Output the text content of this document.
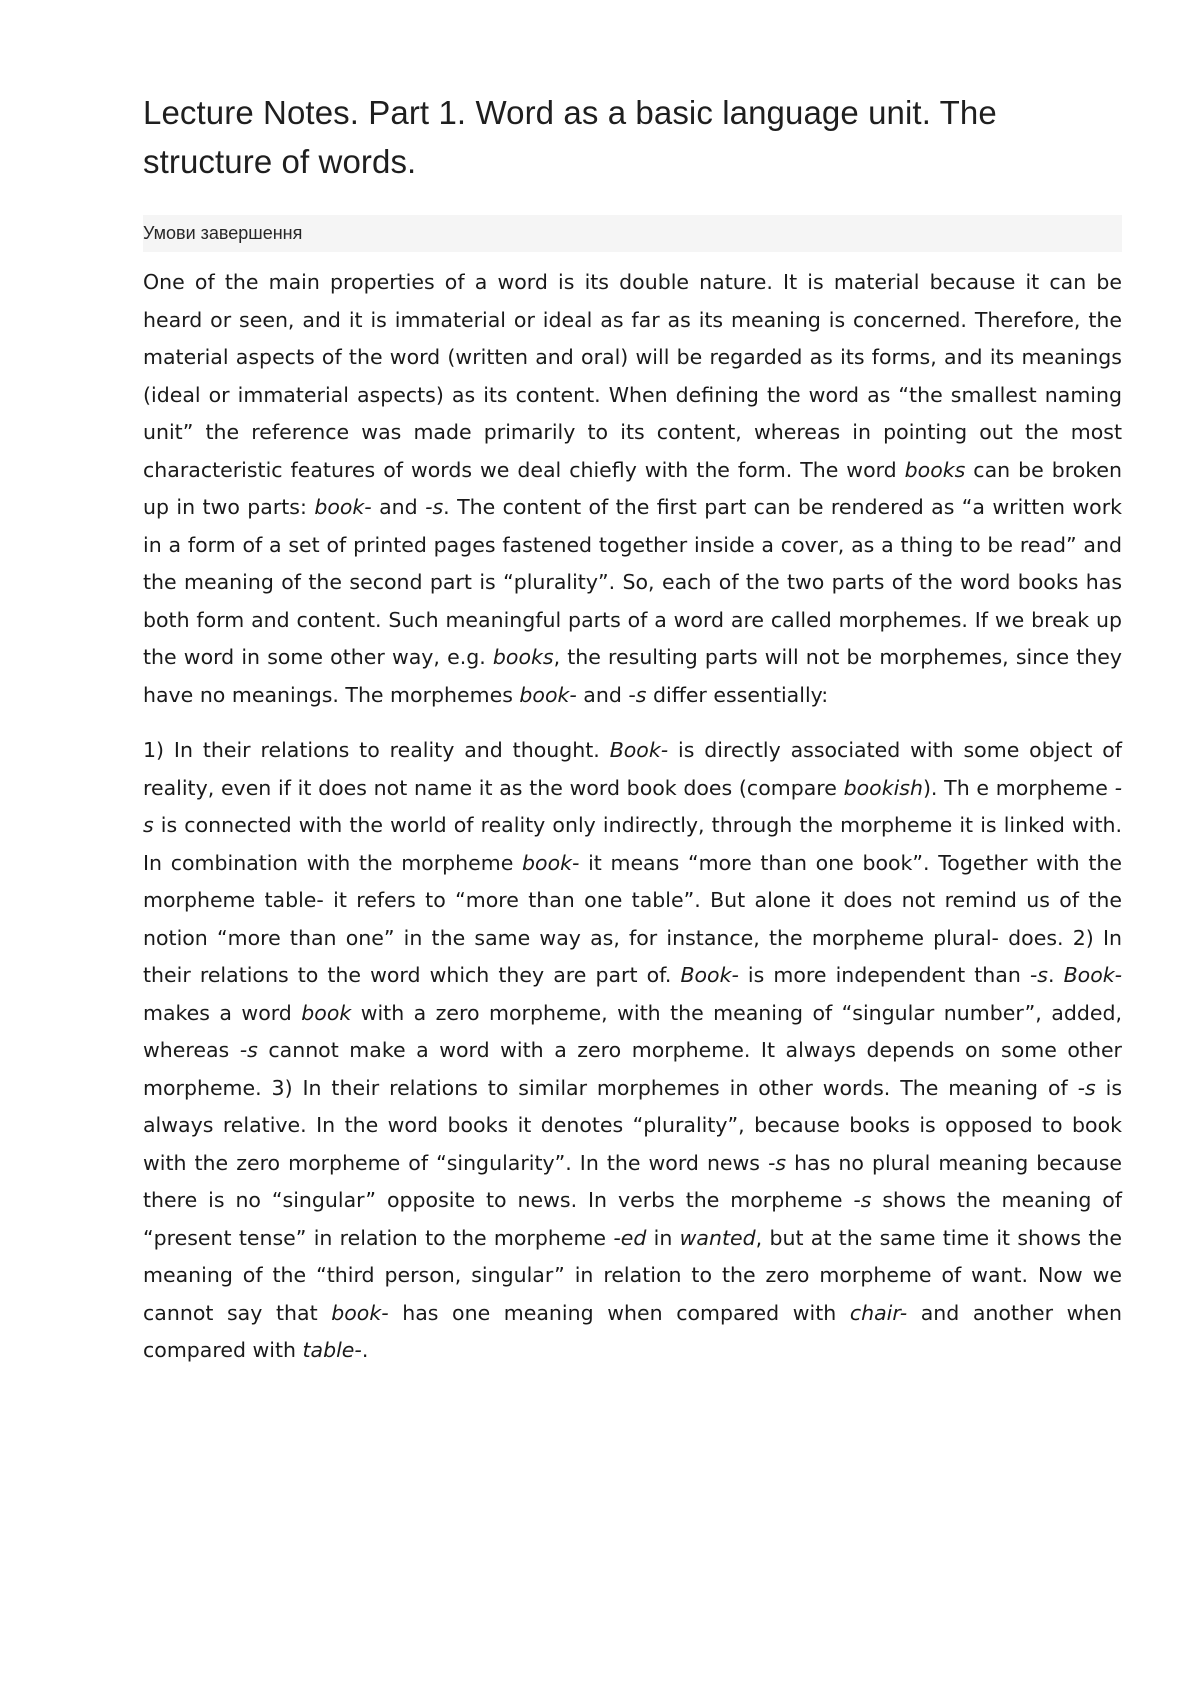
Lecture Notes. Part 1. Word as a basic language unit. The structure of words.
Умови завершення

One of the main properties of a word is its double nature. It is material because it can be heard or seen, and it is immaterial or ideal as far as its meaning is concerned. Therefore, the material aspects of the word (written and oral) will be regarded as its forms, and its meanings (ideal or immaterial aspects) as its content. When defining the word as “the smallest naming unit” the reference was made primarily to its content, whereas in pointing out the most characteristic features of words we deal chiefly with the form. The word books can be broken up in two parts: book- and -s. The content of the first part can be rendered as “a written work in a form of a set of printed pages fastened together inside a cover, as a thing to be read” and the meaning of the second part is “plurality”. So, each of the two parts of the word books has both form and content. Such meaningful parts of a word are called morphemes. If we break up the word in some other way, e.g. books, the resulting parts will not be morphemes, since they have no meanings. The morphemes book- and -s differ essentially:

1) In their relations to reality and thought. Book- is directly associated with some object of reality, even if it does not name it as the word book does (compare bookish). Th e morpheme -s is connected with the world of reality only indirectly, through the morpheme it is linked with. In combination with the morpheme book- it means “more than one book”. Together with the morpheme table- it refers to “more than one table”. But alone it does not remind us of the notion “more than one” in the same way as, for instance, the morpheme plural- does. 2) In their relations to the word which they are part of. Book- is more independent than -s. Book- makes a word book with a zero morpheme, with the meaning of “singular number”, added, whereas -s cannot make a word with a zero morpheme. It always depends on some other morpheme. 3) In their relations to similar morphemes in other words. The meaning of -s is always relative. In the word books it denotes “plurality”, because books is opposed to book with the zero morpheme of “singularity”. In the word news -s has no plural meaning because there is no “singular” opposite to news. In verbs the morpheme -s shows the meaning of “present tense” in relation to the morpheme -ed in wanted, but at the same time it shows the meaning of the “third person, singular” in relation to the zero morpheme of want. Now we cannot say that book- has one meaning when compared with chair- and another when compared with table-.
